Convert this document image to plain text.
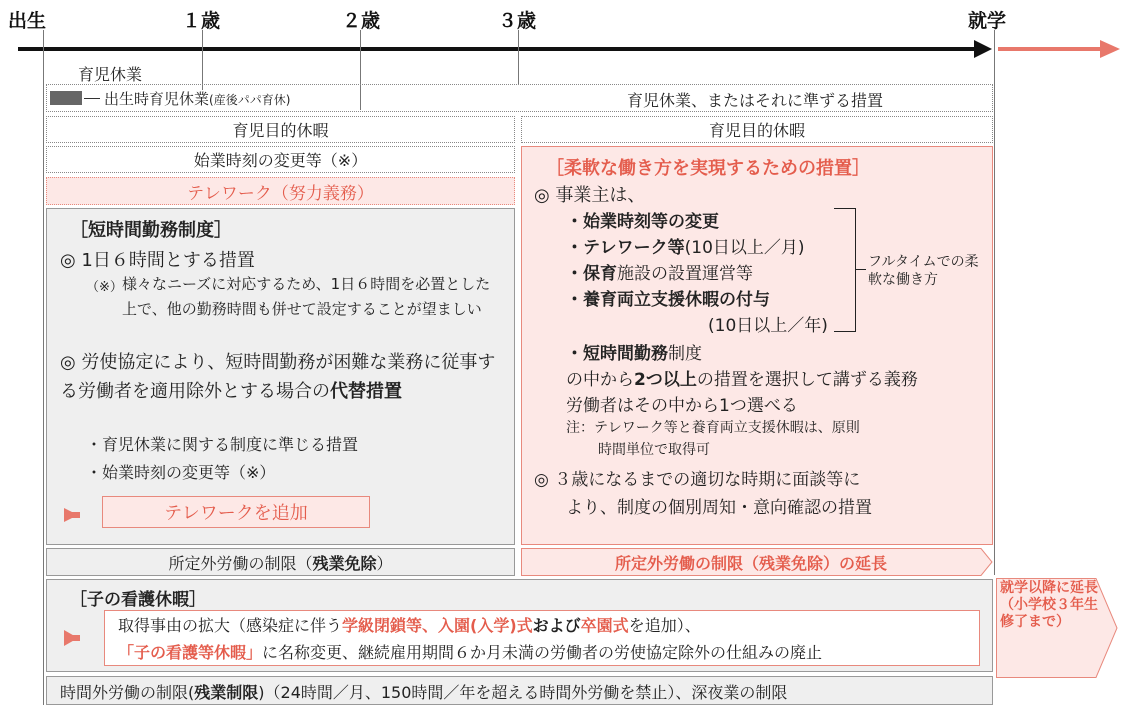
出生	１歳	２歳	３歳	就学
育児休業
出生時育児休業(産後パパ育休)	育児休業、またはそれに準ずる措置
育児目的休暇	育児目的休暇
始業時刻の変更等（※）
テレワーク（努力義務）
［短時間勤務制度］
◎ 1日６時間とする措置
（※） 様々なニーズに対応するため、1日６時間を必置とした上で、他の勤務時間も併せて設定することが望ましい
◎ 労使協定により、短時間勤務が困難な業務に従事する労働者を適用除外とする場合の代替措置
・育児休業に関する制度に準じる措置
・始業時刻の変更等（※）
テレワークを追加
［柔軟な働き方を実現するための措置］
◎ 事業主は、
・始業時刻等の変更
・テレワーク等(10日以上／月)
・保育施設の設置運営等
・養育両立支援休暇の付与
(10日以上／年)
フルタイムでの柔軟な働き方
・短時間勤務制度
の中から2つ以上の措置を選択して講ずる義務
労働者はその中から1つ選べる
注：テレワーク等と養育両立支援休暇は、原則
時間単位で取得可
◎ ３歳になるまでの適切な時期に面談等に
より、制度の個別周知・意向確認の措置
所定外労働の制限（ 残業免除 ）	所定外労働の制限（残業免除）の延長
［子の看護休暇］
取得事由の拡大（感染症に伴う学級閉鎖等、入園(入学)式および卒園式を追加）、
「子の看護等休暇」に名称変更、継続雇用期間６か月未満の労働者の労使協定除外の仕組みの廃止
就学以降に延長（小学校３年生修了まで）
時間外労働の制限(残業制限)（24時間／月、150時間／年を超える時間外労働を禁止）、深夜業の制限
